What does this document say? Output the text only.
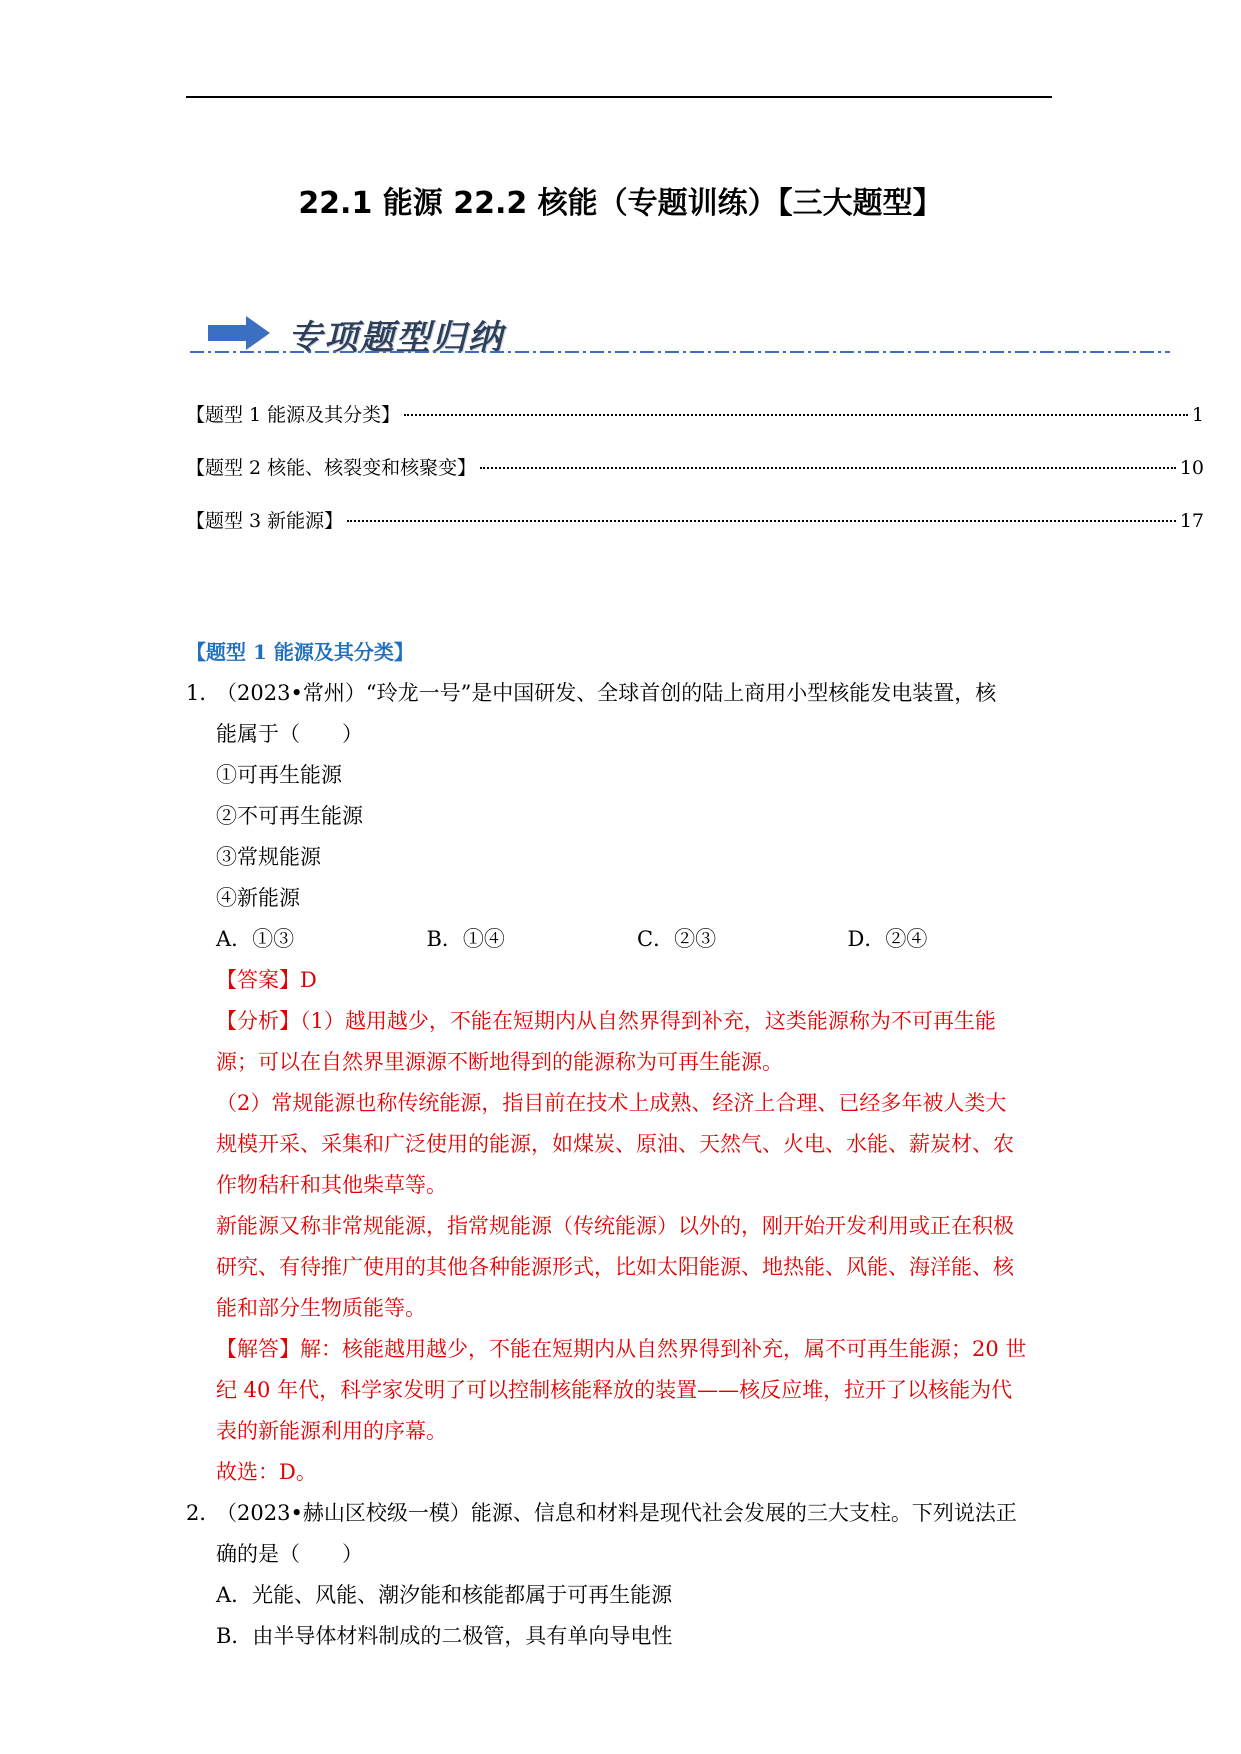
22.1 能源 22.2 核能（专题训练）【三大题型】
专项题型归纳
【题型 1 能源及其分类】	1
【题型 2 核能、核裂变和核聚变】	10
【题型 3 新能源】	17
【题型 1 能源及其分类】
1．
（2023•常州）“玲龙一号”是中国研发、全球首创的陆上商用小型核能发电装置，核
能属于（　　）
①可再生能源
②不可再生能源
③常规能源
④新能源
A．①③	B．①④	C．②③	D．②④
【答案】D
【分析】（1）越用越少，不能在短期内从自然界得到补充，这类能源称为不可再生能
源；可以在自然界里源源不断地得到的能源称为可再生能源。
（2）常规能源也称传统能源，指目前在技术上成熟、经济上合理、已经多年被人类大
规模开采、采集和广泛使用的能源，如煤炭、原油、天然气、火电、水能、薪炭材、农
作物秸秆和其他柴草等。
新能源又称非常规能源，指常规能源（传统能源）以外的，刚开始开发利用或正在积极
研究、有待推广使用的其他各种能源形式，比如太阳能源、地热能、风能、海洋能、核
能和部分生物质能等。
【解答】解：核能越用越少，不能在短期内从自然界得到补充，属不可再生能源；20 世
纪 40 年代，科学家发明了可以控制核能释放的装置——核反应堆，拉开了以核能为代
表的新能源利用的序幕。
故选：D。
2．
（2023•赫山区校级一模）能源、信息和材料是现代社会发展的三大支柱。下列说法正
确的是（　　）
A．光能、风能、潮汐能和核能都属于可再生能源
B．由半导体材料制成的二极管，具有单向导电性
